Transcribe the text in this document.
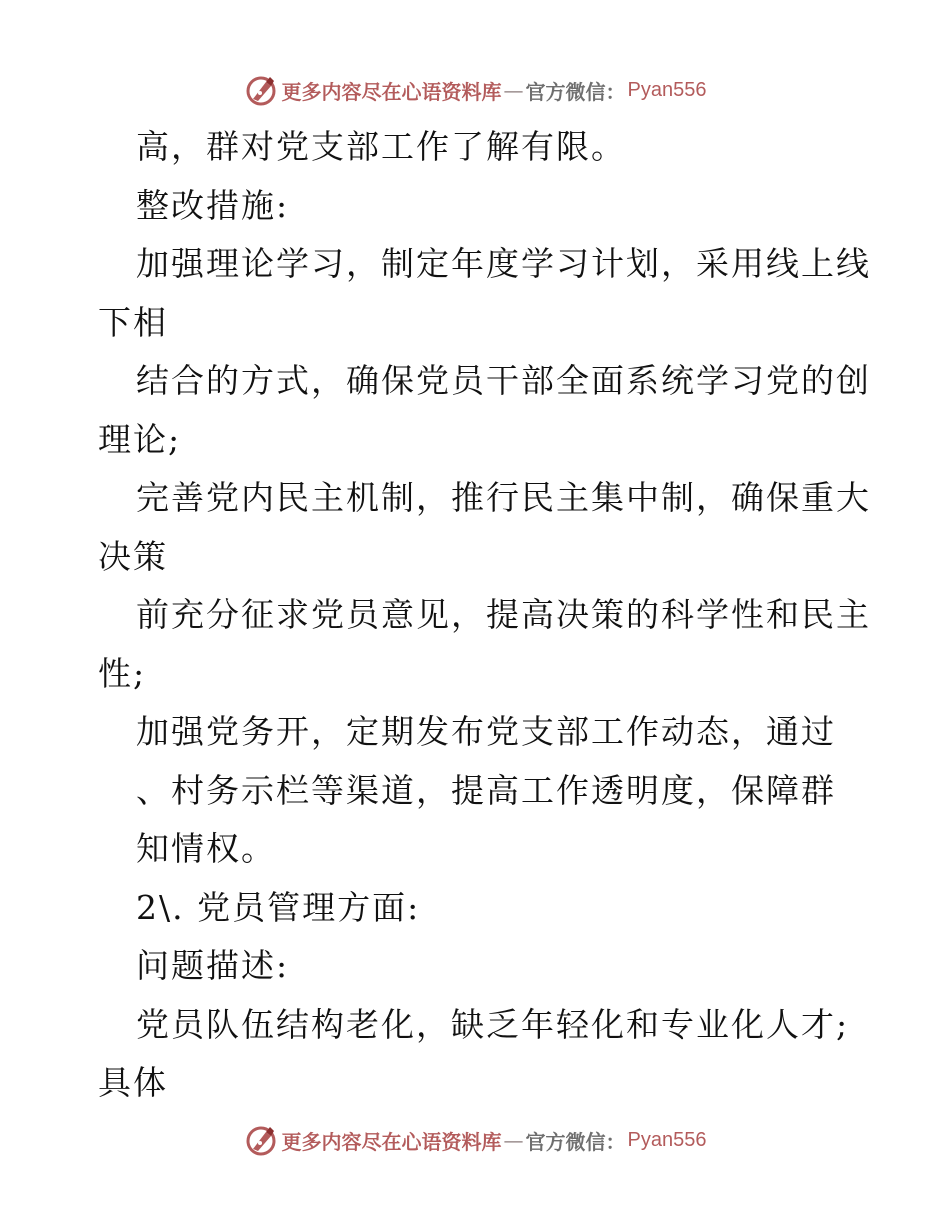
更多内容尽在心语资料库 — 官方微信： Pyan556
高，群对党支部工作了解有限。
整改措施:
加强理论学习，制定年度学习计划，采用线上线
下相
结合的方式，确保党员干部全面系统学习党的创
理论;
完善党内民主机制，推行民主集中制，确保重大
决策
前充分征求党员意见，提高决策的科学性和民主
性;
加强党务开，定期发布党支部工作动态，通过
、村务示栏等渠道，提高工作透明度，保障群
知情权。
2\. 党员管理方面:
问题描述:
党员队伍结构老化，缺乏年轻化和专业化人才;
具体
更多内容尽在心语资料库 — 官方微信： Pyan556
